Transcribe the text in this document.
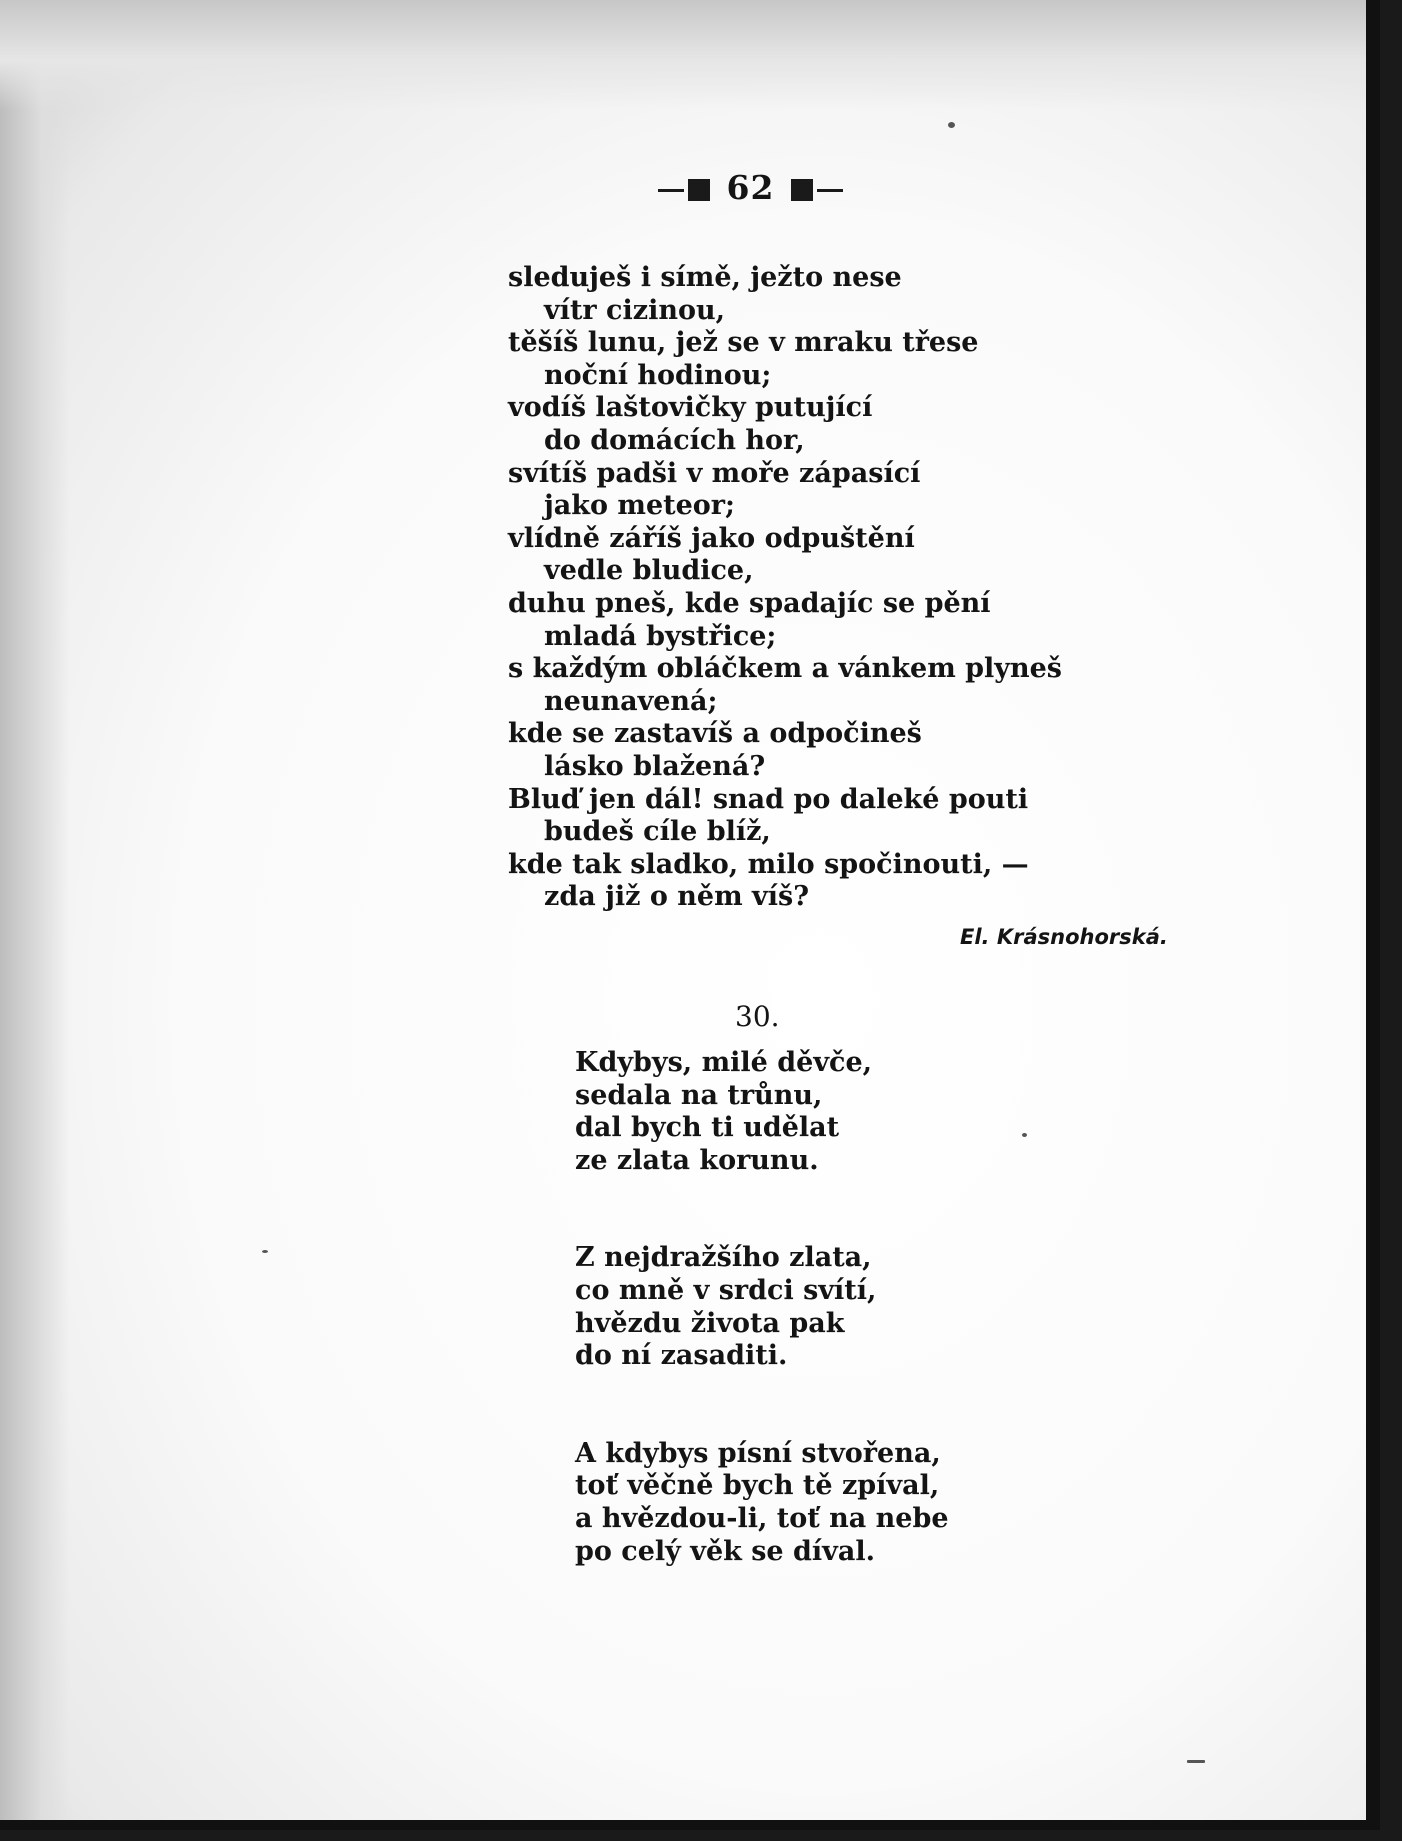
62
sleduješ i símě, ježto nese
vítr cizinou,
těšíš lunu, jež se v mraku třese
noční hodinou;
vodíš laštovičky putující
do domácích hor,
svítíš padši v moře zápasící
jako meteor;
vlídně záříš jako odpuštění
vedle bludice,
duhu pneš, kde spadajíc se pění
mladá bystřice;
s každým obláčkem a vánkem plyneš
neunavená;
kde se zastavíš a odpočineš
lásko blažená?
Bluď jen dál! snad po daleké pouti
budeš cíle blíž,
kde tak sladko, milo spočinouti, —
zda již o něm víš?
El. Krásnohorská.
30.
Kdybys, milé děvče,
sedala na trůnu,
dal bych ti udělat
ze zlata korunu.
Z nejdražšího zlata,
co mně v srdci svítí,
hvězdu života pak
do ní zasaditi.
A kdybys písní stvořena,
toť věčně bych tě zpíval,
a hvězdou-li, toť na nebe
po celý věk se díval.
